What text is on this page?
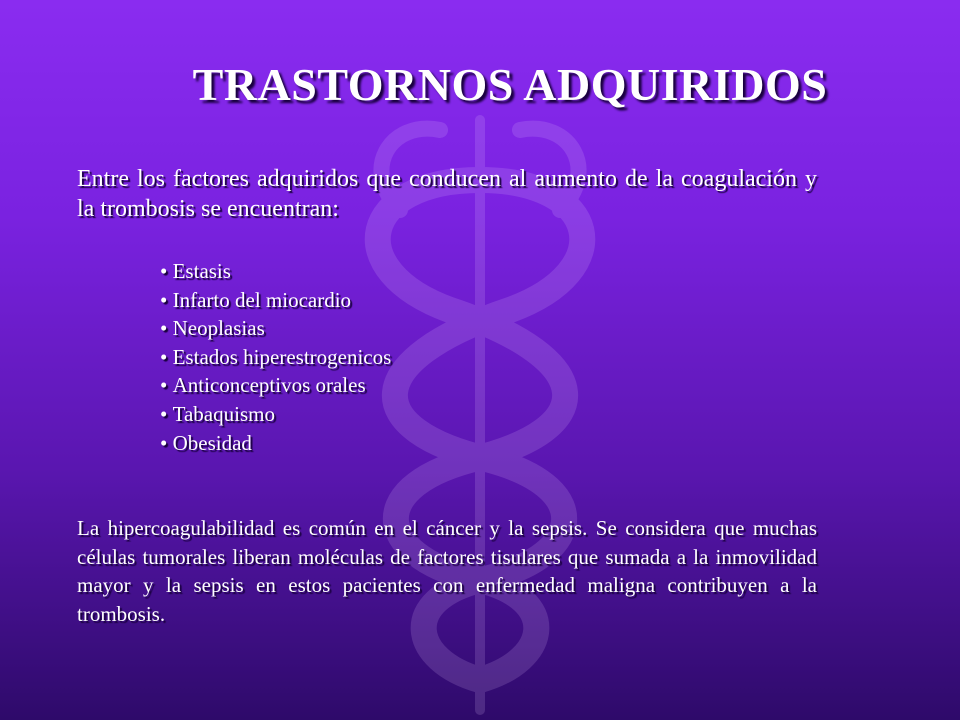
TRASTORNOS ADQUIRIDOS
Entre los factores adquiridos que conducen al aumento de la coagulación y la trombosis se encuentran:
• Estasis
• Infarto del miocardio
• Neoplasias
• Estados hiperestrogenicos
• Anticonceptivos orales
• Tabaquismo
• Obesidad
La hipercoagulabilidad es común en el cáncer y la sepsis. Se considera que muchas células tumorales liberan moléculas de factores tisulares que sumada a la inmovilidad mayor y la sepsis en estos pacientes con enfermedad maligna contribuyen a la trombosis.
